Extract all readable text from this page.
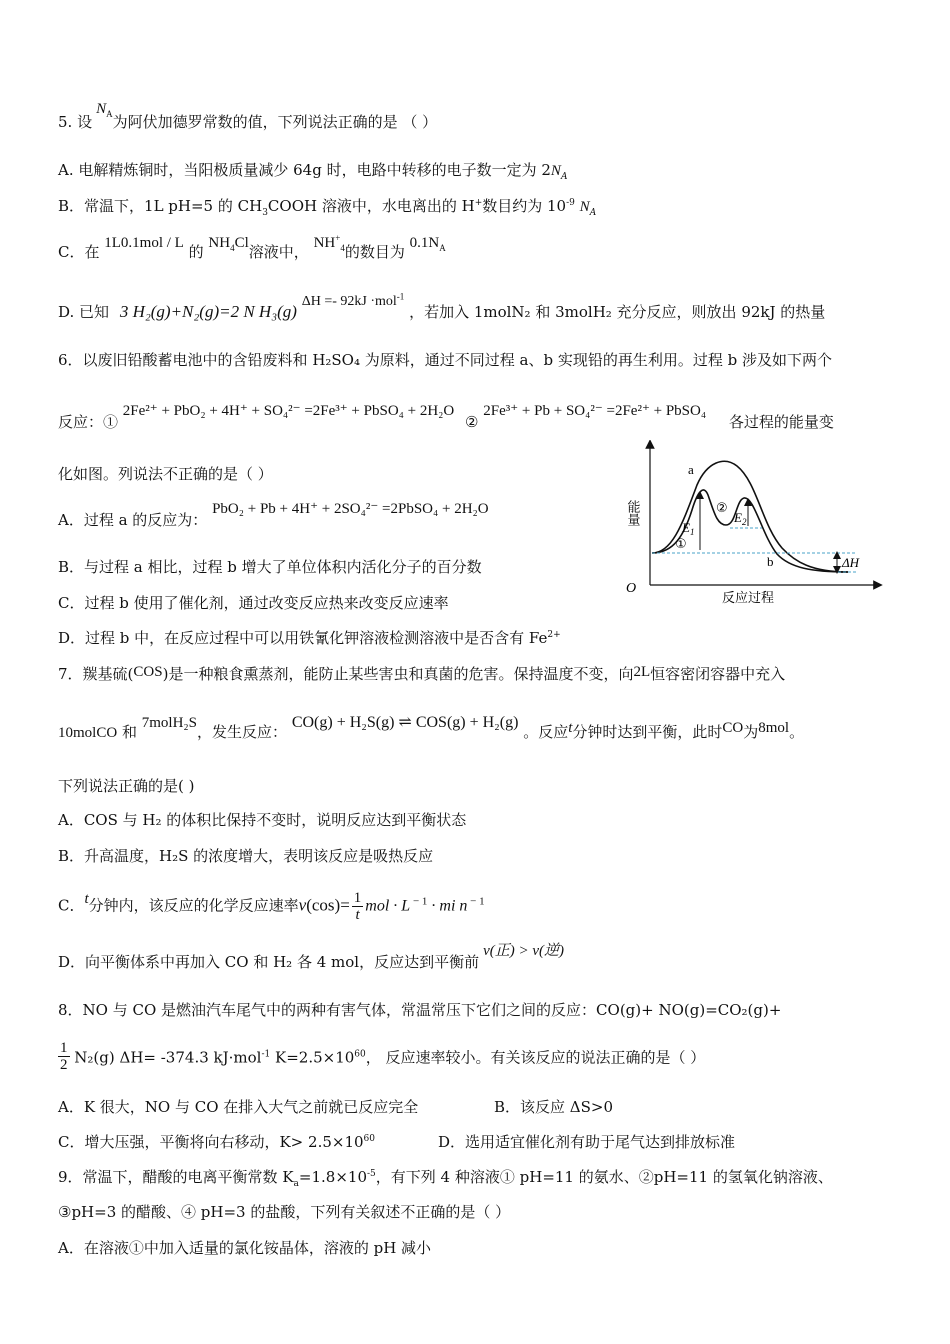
5. 设$N_A$为阿伏加德罗常数的值，下列说法正确的是 （ ）
A. 电解精炼铜时，当阳极质量减少 64g 时，电路中转移的电子数一定为 $2N_A$
B．常温下，1L pH=5 的 $CH_3COOH$ 溶液中，水电离出的 H+数目约为 $10^{-9}$ $N_A$
C．在 1L0.1mol / L 的 $NH_4Cl$溶液中， $NH^+_4$的数目为 $0.1N_A$
D. 已知 3 H₂(g)+N₂(g)=2 N H₃(g) ΔH =- 92kJ ·mol$^{-1}$ ，若加入 1molN₂ 和 3molH₂ 充分反应，则放出 92kJ 的热量
6．以废旧铅酸蓄电池中的含铅废料和 H₂SO₄ 为原料，通过不同过程 a、b 实现铅的再生利用。过程 b 涉及如下两个
反应：① 2Fe²⁺ + PbO₂ + 4H⁺ + SO₄²⁻ =2Fe³⁺ + PbSO₄ + 2H₂O ② 2Fe³⁺ + Pb + SO₄²⁻ =2Fe²⁺ + PbSO₄ 各过程的能量变
化如图。列说法不正确的是（ ）
A．过程 a 的反应为： PbO₂ + Pb + 4H⁺ + 2SO₄²⁻ =2PbSO₄ + 2H₂O
B．与过程 a 相比，过程 b 增大了单位体积内活化分子的百分数
C．过程 b 使用了催化剂，通过改变反应热来改变反应速率
D．过程 b 中，在反应过程中可以用铁氰化钾溶液检测溶液中是否含有 $Fe^{2+}$
O
能量
反应过程
a
b
$E_1$
$E_2$
①
②
ΔH
7．羰基硫(COS)是一种粮食熏蒸剂，能防止某些害虫和真菌的危害。保持温度不变，向2L恒容密闭容器中充入
10molCO 和 7molH₂S，发生反应： CO(g) + H₂S(g) ⇌ COS(g) + H₂(g) 。反应t分钟时达到平衡，此时CO为8mol。
下列说法正确的是( )
A．COS 与 H₂ 的体积比保持不变时，说明反应达到平衡状态
B．升高温度，H₂S 的浓度增大，表明该反应是吸热反应
C．t分钟内，该反应的化学反应速率$v(\cos)= \frac{1}{t}$ mol · L $^{- 1}$ · mi n $^{- 1}$
D．向平衡体系中再加入 CO 和 H₂ 各 4 mol，反应达到平衡前v(正) > v(逆)
8．NO 与 CO 是燃油汽车尾气中的两种有害气体，常温常压下它们之间的反应：CO(g)+ NO(g)=CO₂(g)+
$\frac{1}{2} N_2(g)$ ΔH= -374.3 kJ·mol$^{-1}$ $K=2.5\times 10^{60}$， 反应速率较小。有关该反应的说法正确的是（ ）
A．K 很大，NO 与 CO 在排入大气之前就已反应完全	B．该反应 ΔS>0
C．增大压强，平衡将向右移动，$K> 2.5\times 10^{60}$	D．选用适宜催化剂有助于尾气达到排放标准
9．常温下，醋酸的电离平衡常数 $K_a=1.8\times 10^{-5}$，有下列 4 种溶液① pH=11 的氨水、②pH=11 的氢氧化钠溶液、
③pH=3 的醋酸、④ pH=3 的盐酸，下列有关叙述不正确的是（ ）
A．在溶液①中加入适量的氯化铵晶体，溶液的 pH 减小
